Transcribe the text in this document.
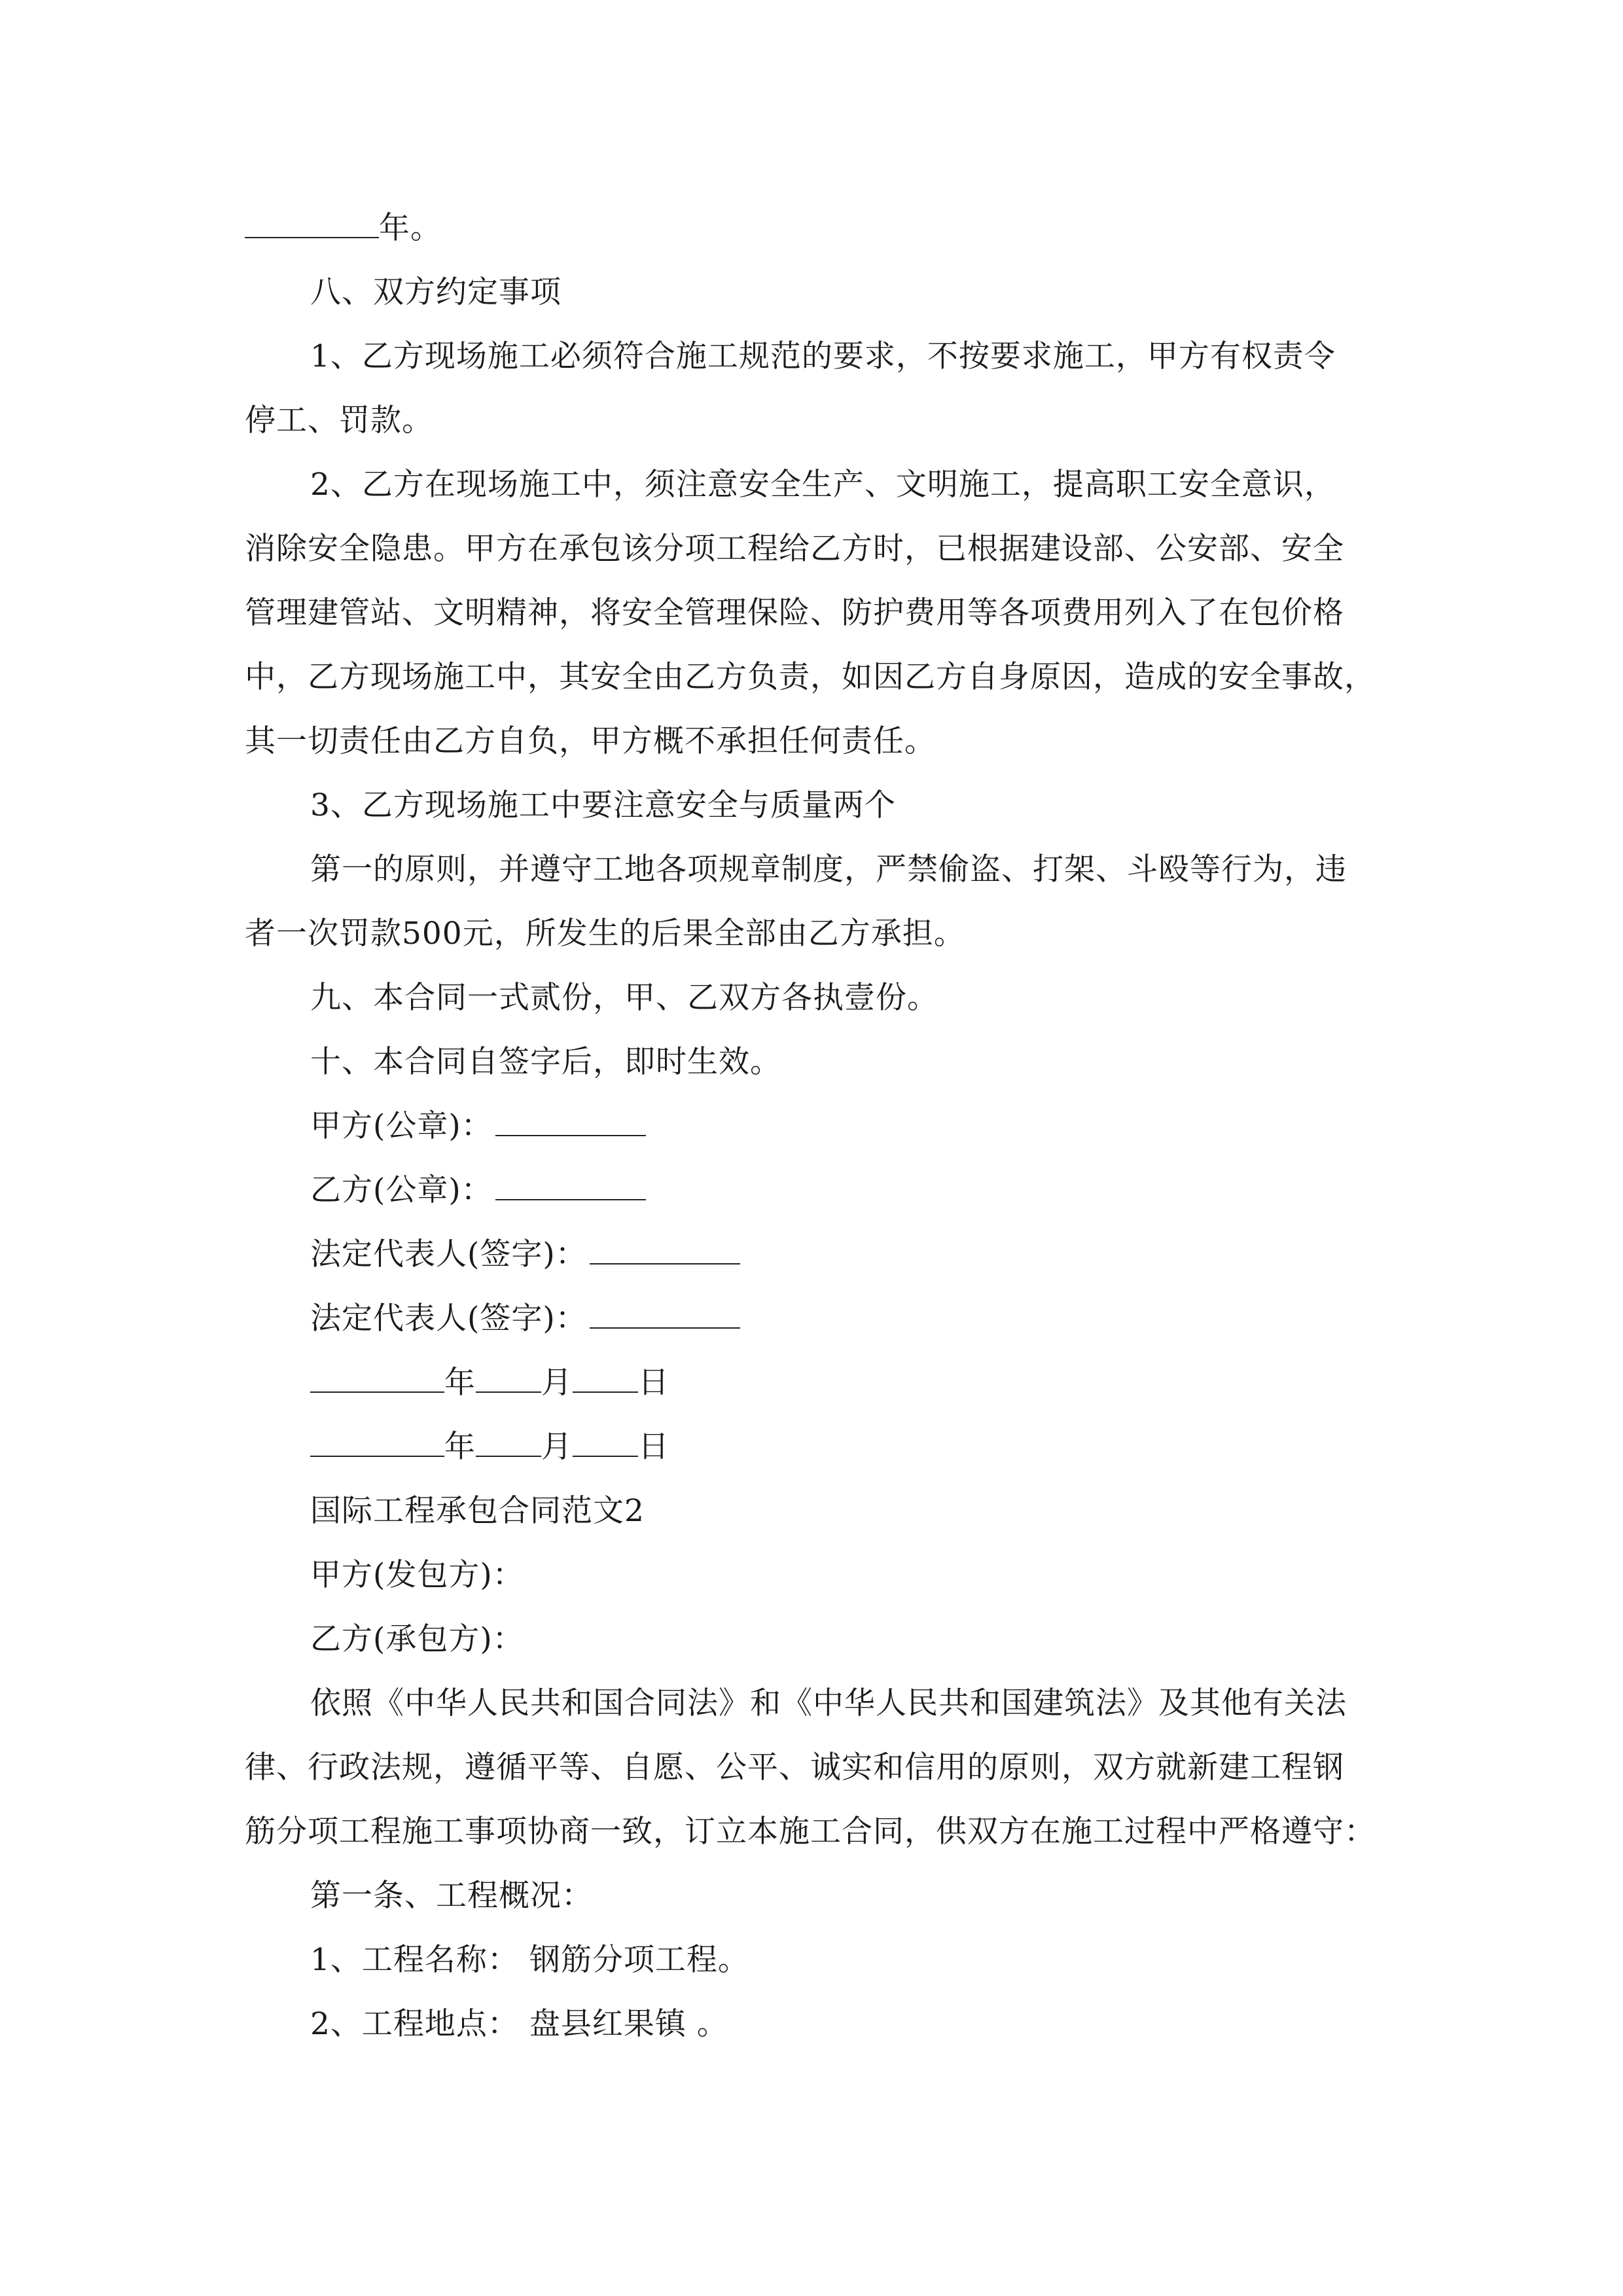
年。
八、双方约定事项
1、乙方现场施工必须符合施工规范的要求，不按要求施工，甲方有权责令
停工、罚款。
2、乙方在现场施工中，须注意安全生产、文明施工，提高职工安全意识，
消除安全隐患。甲方在承包该分项工程给乙方时，已根据建设部、公安部、安全
管理建管站、文明精神，将安全管理保险、防护费用等各项费用列入了在包价格
中，乙方现场施工中，其安全由乙方负责，如因乙方自身原因，造成的安全事故，
其一切责任由乙方自负，甲方概不承担任何责任。
3、乙方现场施工中要注意安全与质量两个
第一的原则，并遵守工地各项规章制度，严禁偷盗、打架、斗殴等行为，违
者一次罚款500元，所发生的后果全部由乙方承担。
九、本合同一式贰份，甲、乙双方各执壹份。
十、本合同自签字后，即时生效。
甲方(公章)：
乙方(公章)：
法定代表人(签字)：
法定代表人(签字)：
年 月 日
年 月 日
国际工程承包合同范文2
甲方(发包方)：
乙方(承包方)：
依照《中华人民共和国合同法》和《中华人民共和国建筑法》及其他有关法
律、行政法规，遵循平等、自愿、公平、诚实和信用的原则，双方就新建工程钢
筋分项工程施工事项协商一致，订立本施工合同，供双方在施工过程中严格遵守：
第一条、工程概况：
1、工程名称： 钢筋分项工程。
2、工程地点： 盘县红果镇 。
